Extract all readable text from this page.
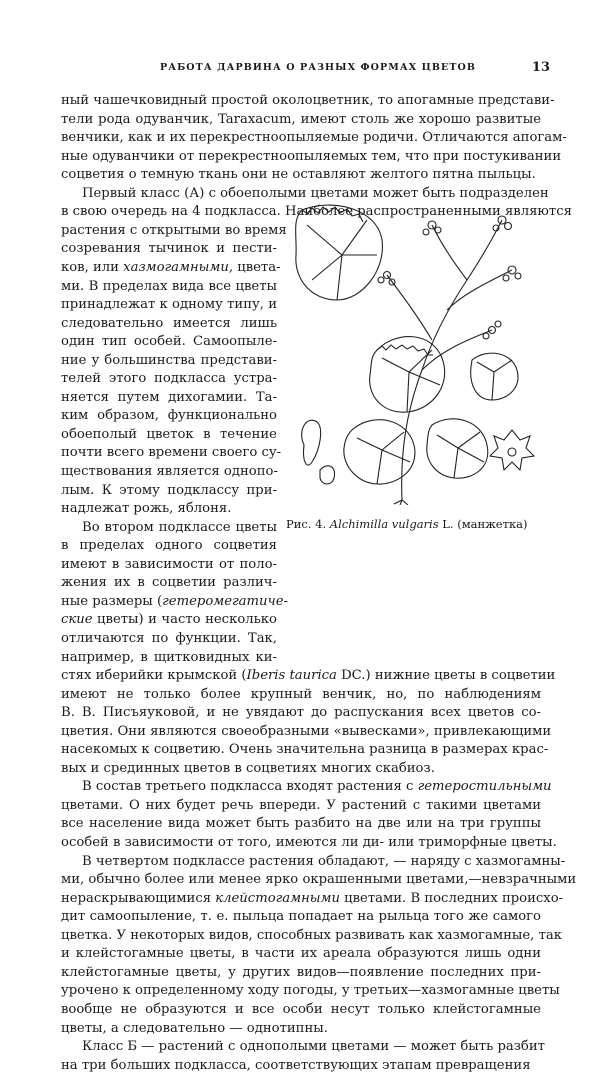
РАБОТА ДАРВИНА О РАЗНЫХ ФОРМАХ ЦВЕТОВ	13
ный чашечковидный простой околоцветник, то апогамные представи-
тели рода одуванчик, Taraxacum, имеют столь же хорошо развитые
венчики, как и их перекрестноопыляемые родичи. Отличаются апогам-
ные одуванчики от перекрестноопыляемых тем, что при постукивании
соцветия о темную ткань они не оставляют желтого пятна пыльцы.
Первый класс (А) с обоеполыми цветами может быть подразделен
в свою очередь на 4 подкласса. Наиболее распространенными являются
растения с открытыми во время
созревания тычинок и пести-
ков, или хазмогамными, цвета-
ми. В пределах вида все цветы
принадлежат к одному типу, и
следовательно имеется лишь
один тип особей. Самоопыле-
ние у большинства представи-
телей этого подкласса устра-
няется путем дихогамии. Та-
ким образом, функционально
обоеполый цветок в течение
почти всего времени своего су-
ществования является однопо-
лым. К этому подклассу при-
надлежат рожь, яблоня.
Во втором подклассе цветы
в пределах одного соцветия
имеют в зависимости от поло-
жения их в соцветии различ-
ные размеры (гетеромегатиче-
ские цветы) и часто несколько
отличаются по функции. Так,
например, в щитковидных ки-
стях иберийки крымской (Iberis taurica DC.) нижние цветы в соцветии
имеют не только более крупный венчик, но, по наблюдениям
В. В. Писъяуковой, и не увядают до распускания всех цветов со-
цветия. Они являются своеобразными «вывесками», привлекающими
насекомых к соцветию. Очень значительна разница в размерах крас-
вых и срединных цветов в соцветиях многих скабиоз.
В состав третьего подкласса входят растения с гетеростильными
цветами. О них будет речь впереди. У растений с такими цветами
все население вида может быть разбито на две или на три группы
особей в зависимости от того, имеются ли ди- или триморфные цветы.
В четвертом подклассе растения обладают, — наряду с хазмогамны-
ми, обычно более или менее ярко окрашенными цветами,—невзрачными
нераскрывающимися клейстогамными цветами. В последних происхо-
дит самоопыление, т. е. пыльца попадает на рыльца того же самого
цветка. У некоторых видов, способных развивать как хазмогамные, так
и клейстогамные цветы, в части их ареала образуются лишь одни
клейстогамные цветы, у других видов—появление последних при-
урочено к определенному ходу погоды, у третьих—хазмогамные цветы
вообще не образуются и все особи несут только клейстогамные
цветы, а следовательно — однотипны.
Класс Б — растений с однополыми цветами — может быть разбит
на три больших подкласса, соответствующих этапам превращения
Рис. 4. Alchimilla vulgaris L. (манжетка)
